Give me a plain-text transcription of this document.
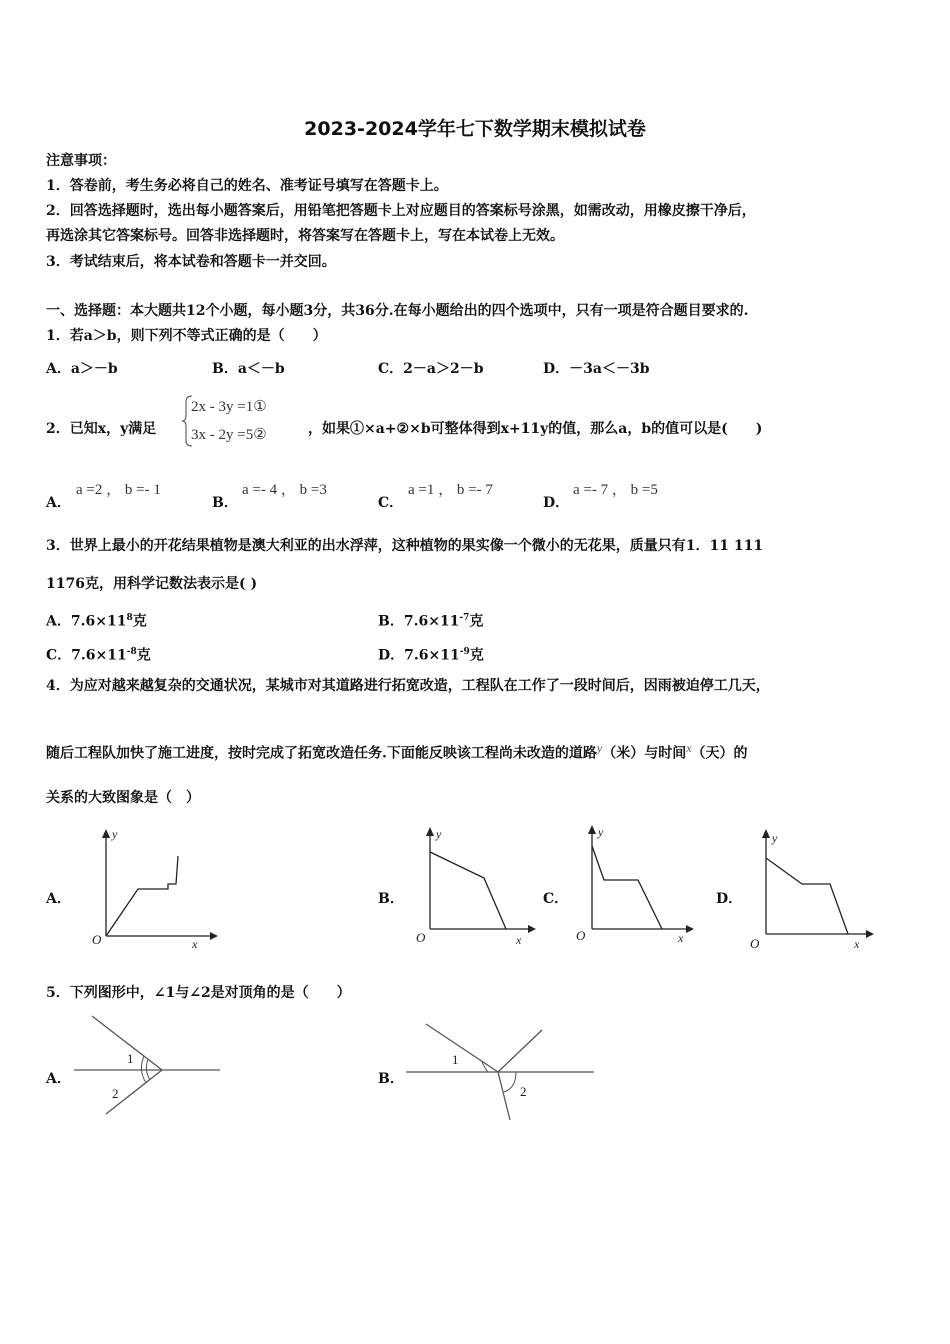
2023-2024学年七下数学期末模拟试卷
注意事项：
1．答卷前，考生务必将自己的姓名、准考证号填写在答题卡上。
2．回答选择题时，选出每小题答案后，用铅笔把答题卡上对应题目的答案标号涂黑，如需改动，用橡皮擦干净后，
再选涂其它答案标号。回答非选择题时，将答案写在答题卡上，写在本试卷上无效。
3．考试结束后，将本试卷和答题卡一并交回。
一、选择题：本大题共12个小题，每小题3分，共36分.在每小题给出的四个选项中，只有一项是符合题目要求的.
1．若a＞b，则下列不等式正确的是（　　）
A．a＞－b	B．a＜－b	C．2－a＞2－b	D．－3a＜－3b
2．已知x，y满足
2x - 3y =1①
3x - 2y =5②	，如果①×a+②×b可整体得到x+11y的值，那么a，b的值可以是(　　)
A．
a =2 ， b =- 1
B．
a =- 4 ， b =3
C．
a =1 ， b =- 7
D．
a =- 7 ， b =5
3．世界上最小的开花结果植物是澳大利亚的出水浮萍，这种植物的果实像一个微小的无花果，质量只有1．11 111
1176克，用科学记数法表示是( )
A．$7.6\times 11^8$克	B．$7.6\times 11^{-7}$克
C．$7.6\times 11^{-8}$克	D．$7.6\times 11^{-9}$克
4．为应对越来越复杂的交通状况，某城市对其道路进行拓宽改造，工程队在工作了一段时间后，因雨被迫停工几天，
随后工程队加快了施工进度，按时完成了拓宽改造任务.下面能反映该工程尚未改造的道路y（米）与时间x（天）的
关系的大致图象是（　）
A．	B．	C．	D．
y
x
O
y
x
O
y
x
O
y
x
O
5．下列图形中，∠1与∠2是对顶角的是（　　）
A．	B．
1
2
1
2
